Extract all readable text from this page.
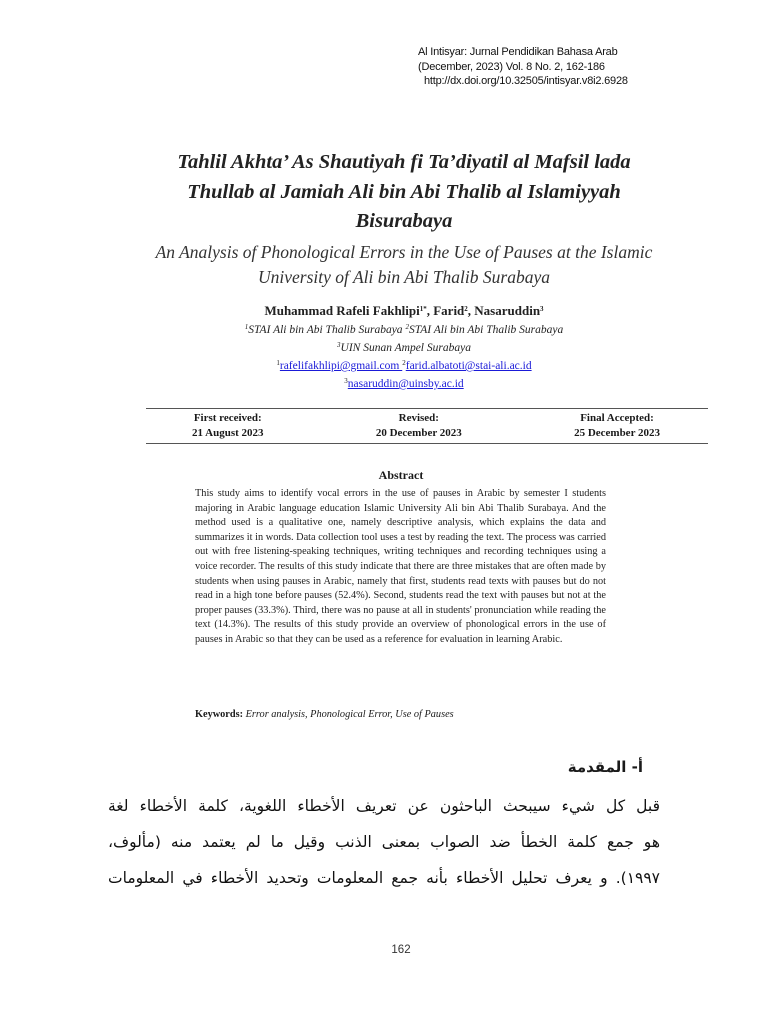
Al Intisyar: Jurnal Pendidikan Bahasa Arab
(December, 2023) Vol. 8 No. 2, 162-186
http://dx.doi.org/10.32505/intisyar.v8i2.6928
Tahlil Akhta’ As Shautiyah fi Ta’diyatil al Mafsil lada
Thullab al Jamiah Ali bin Abi Thalib al Islamiyyah
Bisurabaya
An Analysis of Phonological Errors in the Use of Pauses at the Islamic
University of Ali bin Abi Thalib Surabaya
Muhammad Rafeli Fakhlipi$^{1*}$, Farid$^2$, Nasaruddin$^3$
$^1$STAI Ali bin Abi Thalib Surabaya $^2$STAI Ali bin Abi Thalib Surabaya
$^3$UIN Sunan Ampel Surabaya
$^1$rafelifakhlipi@gmail.com $^2$farid.albatoti@stai-ali.ac.id
$^3$nasaruddin@uinsby.ac.id
First received:
21 August 2023
Revised:
20 December 2023
Final Accepted:
25 December 2023
Abstract
This study aims to identify vocal errors in the use of pauses in Arabic by semester I students majoring in Arabic language education Islamic University Ali bin Abi Thalib Surabaya. And the method used is a qualitative one, namely descriptive analysis, which explains the data and summarizes it in words. Data collection tool uses a test by reading the text. The process was carried out with free listening-speaking techniques, writing techniques and recording techniques using a voice recorder. The results of this study indicate that there are three mistakes that are often made by students when using pauses in Arabic, namely that first, students read texts with pauses but do not read in a high tone before pauses (52.4%). Second, students read the text with pauses but not at the proper pauses (33.3%). Third, there was no pause at all in students' pronunciation while reading the text (14.3%). The results of this study provide an overview of phonological errors in the use of pauses in Arabic so that they can be used as a reference for evaluation in learning Arabic.
Keywords: Error analysis, Phonological Error, Use of Pauses
أ- المقدمة
قبل كل شيء سيبحث الباحثون عن تعريف الأخطاء اللغوية، كلمة الأخطاء لغة
هو جمع كلمة الخطأ ضد الصواب بمعنى الذنب وقيل ما لم يعتمد منه (مألوف،
١٩٩٧). و يعرف تحليل الأخطاء بأنه جمع المعلومات وتحديد الأخطاء في المعلومات
162
